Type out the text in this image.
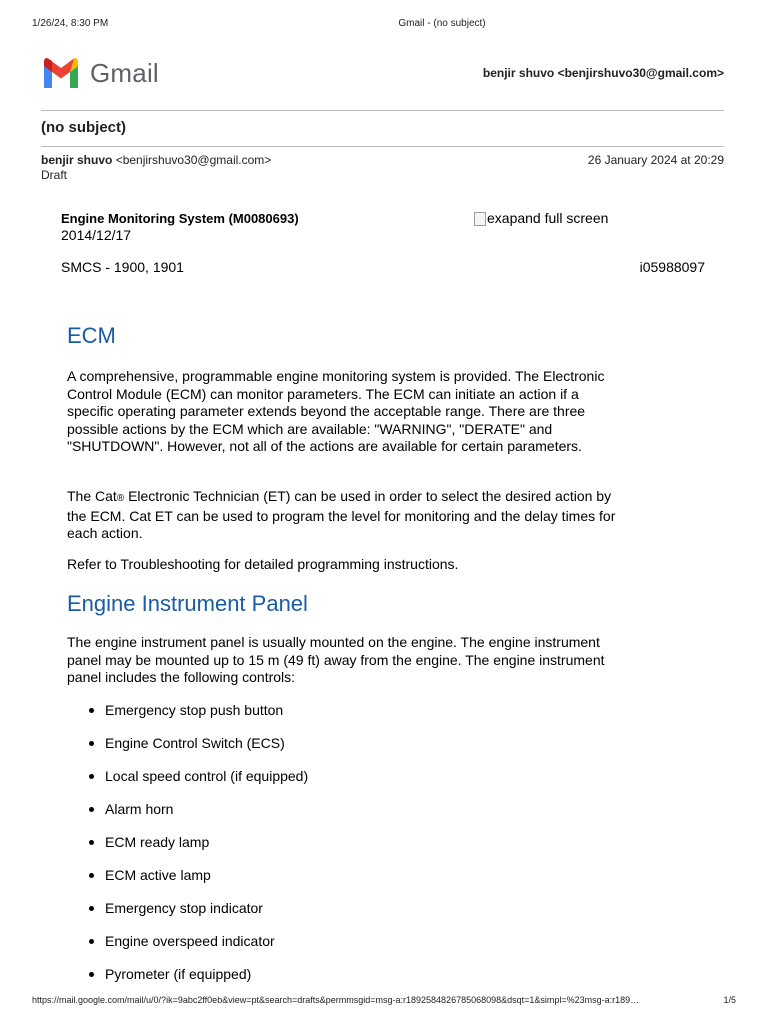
1/26/24, 8:30 PM	Gmail - (no subject)
Gmail	benjir shuvo <benjirshuvo30@gmail.com>
(no subject)
benjir shuvo <benjirshuvo30@gmail.com>	26 January 2024 at 20:29
Draft
Engine Monitoring System (M0080693)
2014/12/17
exapand full screen
SMCS - 1900, 1901	i05988097
ECM
A comprehensive, programmable engine monitoring system is provided. The Electronic Control Module (ECM) can monitor parameters. The ECM can initiate an action if a specific operating parameter extends beyond the acceptable range. There are three possible actions by the ECM which are available: "WARNING", "DERATE" and "SHUTDOWN". However, not all of the actions are available for certain parameters.
The Cat® Electronic Technician (ET) can be used in order to select the desired action by the ECM. Cat ET can be used to program the level for monitoring and the delay times for each action.
Refer to Troubleshooting for detailed programming instructions.
Engine Instrument Panel
The engine instrument panel is usually mounted on the engine. The engine instrument panel may be mounted up to 15 m (49 ft) away from the engine. The engine instrument panel includes the following controls:
Emergency stop push button
Engine Control Switch (ECS)
Local speed control (if equipped)
Alarm horn
ECM ready lamp
ECM active lamp
Emergency stop indicator
Engine overspeed indicator
Pyrometer (if equipped)
https://mail.google.com/mail/u/0/?ik=9abc2ff0eb&view=pt&search=drafts&permmsgid=msg-a:r1892584826785068098&dsqt=1&simpl=%23msg-a:r189…	1/5
